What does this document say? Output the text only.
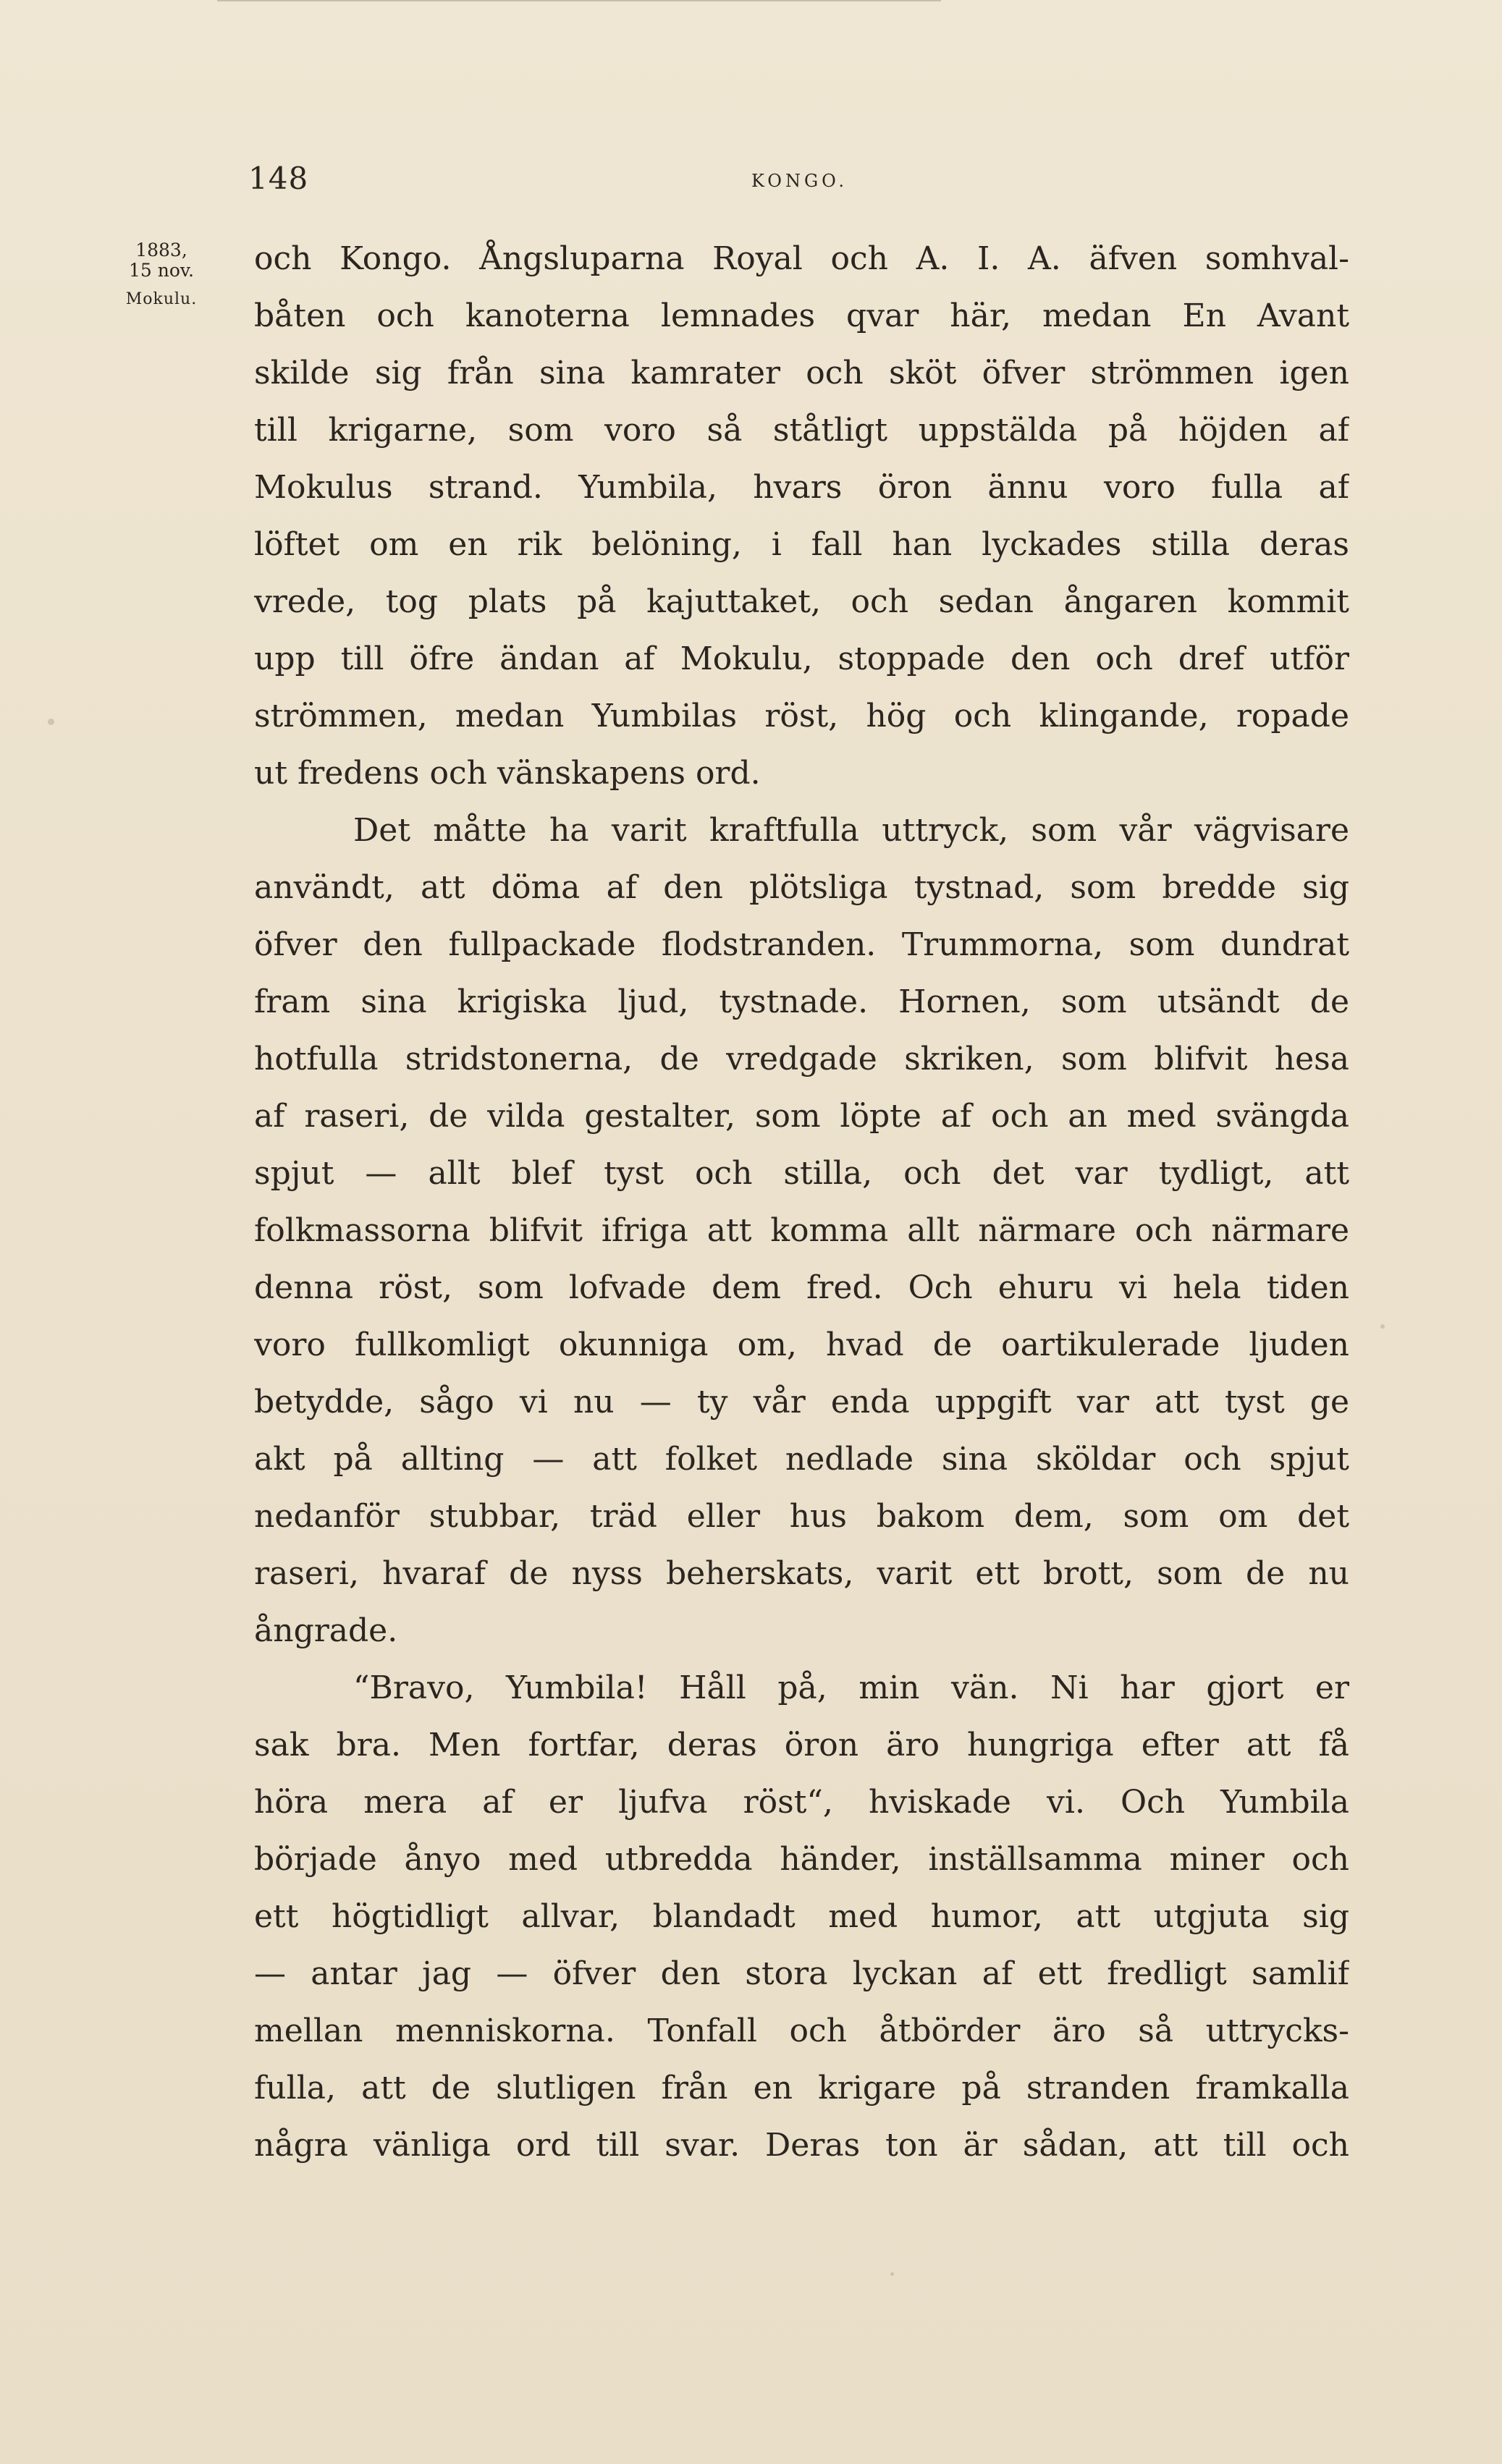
148	KONGO.
1883,
15 nov.
Mokulu.
och Kongo. Ångsluparna Royal och A. I. A. äfven somhval-
båten och kanoterna lemnades qvar här, medan En Avant
skilde sig från sina kamrater och sköt öfver strömmen igen
till krigarne, som voro så ståtligt uppstälda på höjden af
Mokulus strand. Yumbila, hvars öron ännu voro fulla af
löftet om en rik belöning, i fall han lyckades stilla deras
vrede, tog plats på kajuttaket, och sedan ångaren kommit
upp till öfre ändan af Mokulu, stoppade den och dref utför
strömmen, medan Yumbilas röst, hög och klingande, ropade
ut fredens och vänskapens ord.
Det måtte ha varit kraftfulla uttryck, som vår vägvisare
användt, att döma af den plötsliga tystnad, som bredde sig
öfver den fullpackade flodstranden. Trummorna, som dundrat
fram sina krigiska ljud, tystnade. Hornen, som utsändt de
hotfulla stridstonerna, de vredgade skriken, som blifvit hesa
af raseri, de vilda gestalter, som löpte af och an med svängda
spjut — allt blef tyst och stilla, och det var tydligt, att
folkmassorna blifvit ifriga att komma allt närmare och närmare
denna röst, som lofvade dem fred. Och ehuru vi hela tiden
voro fullkomligt okunniga om, hvad de oartikulerade ljuden
betydde, sågo vi nu — ty vår enda uppgift var att tyst ge
akt på allting — att folket nedlade sina sköldar och spjut
nedanför stubbar, träd eller hus bakom dem, som om det
raseri, hvaraf de nyss beherskats, varit ett brott, som de nu
ångrade.
“Bravo, Yumbila! Håll på, min vän. Ni har gjort er
sak bra. Men fortfar, deras öron äro hungriga efter att få
höra mera af er ljufva röst“, hviskade vi. Och Yumbila
började ånyo med utbredda händer, inställsamma miner och
ett högtidligt allvar, blandadt med humor, att utgjuta sig
— antar jag — öfver den stora lyckan af ett fredligt samlif
mellan menniskorna. Tonfall och åtbörder äro så uttrycks-
fulla, att de slutligen från en krigare på stranden framkalla
några vänliga ord till svar. Deras ton är sådan, att till och
